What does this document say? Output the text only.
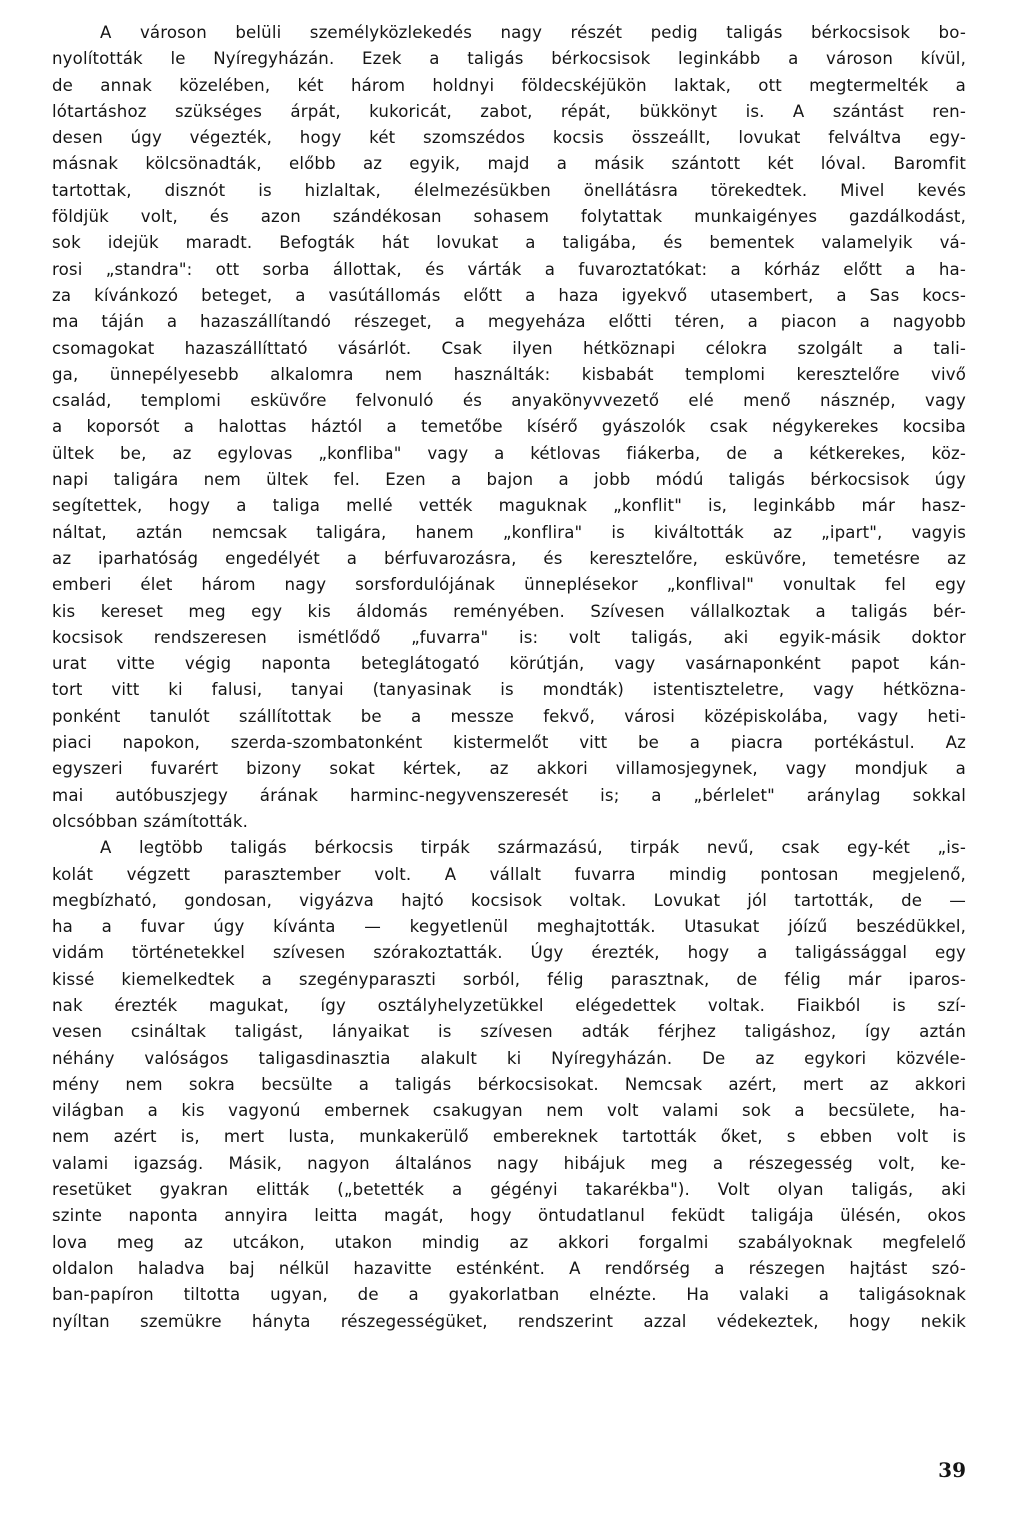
A városon belüli személyközlekedés nagy részét pedig taligás bérkocsisok bo-
nyolították le Nyíregyházán. Ezek a taligás bérkocsisok leginkább a városon kívül,
de annak közelében, két három holdnyi földecskéjükön laktak, ott megtermelték a
lótartáshoz szükséges árpát, kukoricát, zabot, répát, bükkönyt is. A szántást ren-
desen úgy végezték, hogy két szomszédos kocsis összeállt, lovukat felváltva egy-
másnak kölcsönadták, előbb az egyik, majd a másik szántott két lóval. Baromfit
tartottak, disznót is hizlaltak, élelmezésükben önellátásra törekedtek. Mivel kevés
földjük volt, és azon szándékosan sohasem folytattak munkaigényes gazdálkodást,
sok idejük maradt. Befogták hát lovukat a taligába, és bementek valamelyik vá-
rosi „standra": ott sorba állottak, és várták a fuvaroztatókat: a kórház előtt a ha-
za kívánkozó beteget, a vasútállomás előtt a haza igyekvő utasembert, a Sas kocs-
ma táján a hazaszállítandó részeget, a megyeháza előtti téren, a piacon a nagyobb
csomagokat hazaszállíttató vásárlót. Csak ilyen hétköznapi célokra szolgált a tali-
ga, ünnepélyesebb alkalomra nem használták: kisbabát templomi keresztelőre vivő
család, templomi esküvőre felvonuló és anyakönyvvezető elé menő násznép, vagy
a koporsót a halottas háztól a temetőbe kísérő gyászolók csak négykerekes kocsiba
ültek be, az egylovas „konfliba" vagy a kétlovas fiákerba, de a kétkerekes, köz-
napi taligára nem ültek fel. Ezen a bajon a jobb módú taligás bérkocsisok úgy
segítettek, hogy a taliga mellé vették maguknak „konflit" is, leginkább már hasz-
náltat, aztán nemcsak taligára, hanem „konflira" is kiváltották az „ipart", vagyis
az iparhatóság engedélyét a bérfuvarozásra, és keresztelőre, esküvőre, temetésre az
emberi élet három nagy sorsfordulójának ünneplésekor „konflival" vonultak fel egy
kis kereset meg egy kis áldomás reményében. Szívesen vállalkoztak a taligás bér-
kocsisok rendszeresen ismétlődő „fuvarra" is: volt taligás, aki egyik-másik doktor
urat vitte végig naponta beteglátogató körútján, vagy vasárnaponként papot kán-
tort vitt ki falusi, tanyai (tanyasinak is mondták) istentiszteletre, vagy hétközna-
ponként tanulót szállítottak be a messze fekvő, városi középiskolába, vagy heti-
piaci napokon, szerda-szombatonként kistermelőt vitt be a piacra portékástul. Az
egyszeri fuvarért bizony sokat kértek, az akkori villamosjegynek, vagy mondjuk a
mai autóbuszjegy árának harminc-negyvenszeresét is; a „bérlelet" aránylag sokkal
olcsóbban számították.
A legtöbb taligás bérkocsis tirpák származású, tirpák nevű, csak egy-két „is-
kolát végzett parasztember volt. A vállalt fuvarra mindig pontosan megjelenő,
megbízható, gondosan, vigyázva hajtó kocsisok voltak. Lovukat jól tartották, de —
ha a fuvar úgy kívánta — kegyetlenül meghajtották. Utasukat jóízű beszédükkel,
vidám történetekkel szívesen szórakoztatták. Úgy érezték, hogy a taligássággal egy
kissé kiemelkedtek a szegényparaszti sorból, félig parasztnak, de félig már iparos-
nak érezték magukat, így osztályhelyzetükkel elégedettek voltak. Fiaikból is szí-
vesen csináltak taligást, lányaikat is szívesen adták férjhez taligáshoz, így aztán
néhány valóságos taligasdinasztia alakult ki Nyíregyházán. De az egykori közvéle-
mény nem sokra becsülte a taligás bérkocsisokat. Nemcsak azért, mert az akkori
világban a kis vagyonú embernek csakugyan nem volt valami sok a becsülete, ha-
nem azért is, mert lusta, munkakerülő embereknek tartották őket, s ebben volt is
valami igazság. Másik, nagyon általános nagy hibájuk meg a részegesség volt, ke-
resetüket gyakran elitták („betették a gégényi takarékba"). Volt olyan taligás, aki
szinte naponta annyira leitta magát, hogy öntudatlanul feküdt taligája ülésén, okos
lova meg az utcákon, utakon mindig az akkori forgalmi szabályoknak megfelelő
oldalon haladva baj nélkül hazavitte esténként. A rendőrség a részegen hajtást szó-
ban-papíron tiltotta ugyan, de a gyakorlatban elnézte. Ha valaki a taligásoknak
nyíltan szemükre hányta részegességüket, rendszerint azzal védekeztek, hogy nekik
39
